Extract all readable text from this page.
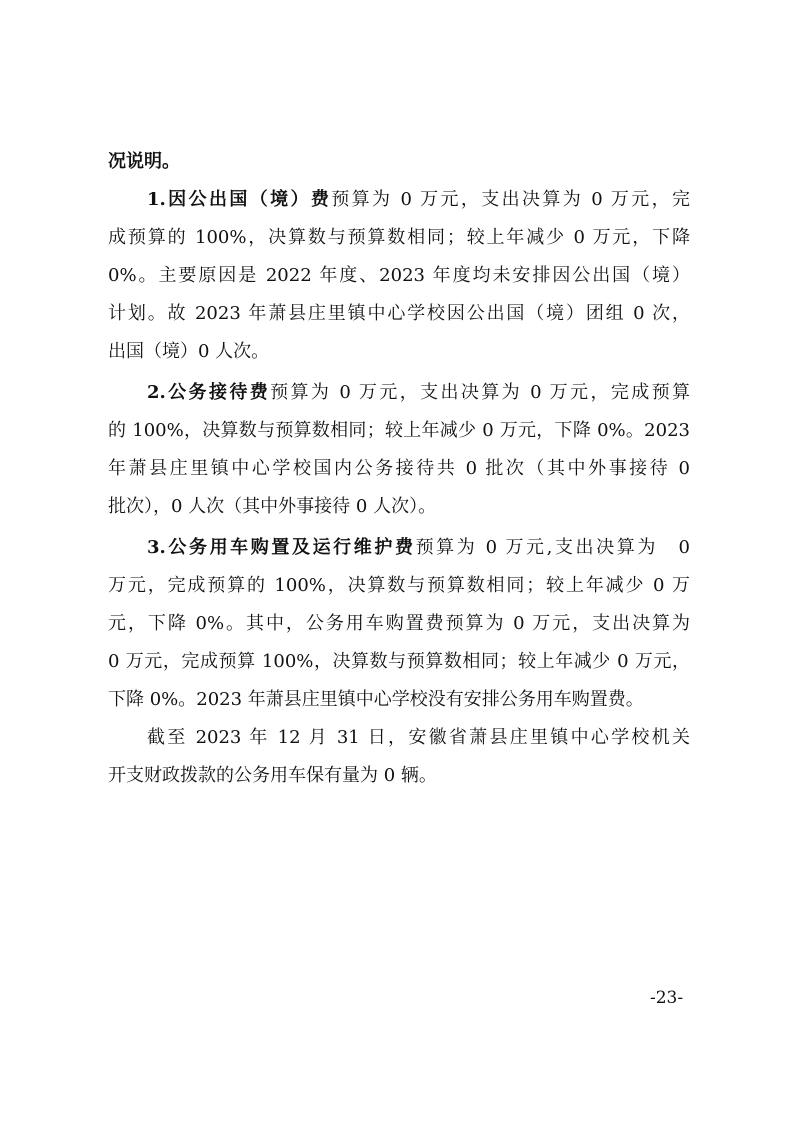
况说明。

1.因公出国（境）费预算为 0 万元，支出决算为 0 万元，完

成预算的 100%，决算数与预算数相同；较上年减少 0 万元，下降

0%。主要原因是 2022 年度、2023 年度均未安排因公出国（境）

计划。故 2023 年萧县庄里镇中心学校因公出国（境）团组 0 次，

出国（境）0 人次。

2.公务接待费预算为 0 万元，支出决算为 0 万元，完成预算

的 100%，决算数与预算数相同；较上年减少 0 万元，下降 0%。2023

年萧县庄里镇中心学校国内公务接待共 0 批次（其中外事接待 0

批次），0 人次（其中外事接待 0 人次）。

3.公务用车购置及运行维护费预算为 0 万元,支出决算为　0

万元，完成预算的 100%，决算数与预算数相同；较上年减少 0 万

元，下降 0%。其中，公务用车购置费预算为 0 万元，支出决算为

0 万元，完成预算 100%，决算数与预算数相同；较上年减少 0 万元，

下降 0%。2023 年萧县庄里镇中心学校没有安排公务用车购置费。

截至 2023 年 12 月 31 日，安徽省萧县庄里镇中心学校机关

开支财政拨款的公务用车保有量为 0 辆。

-23-
